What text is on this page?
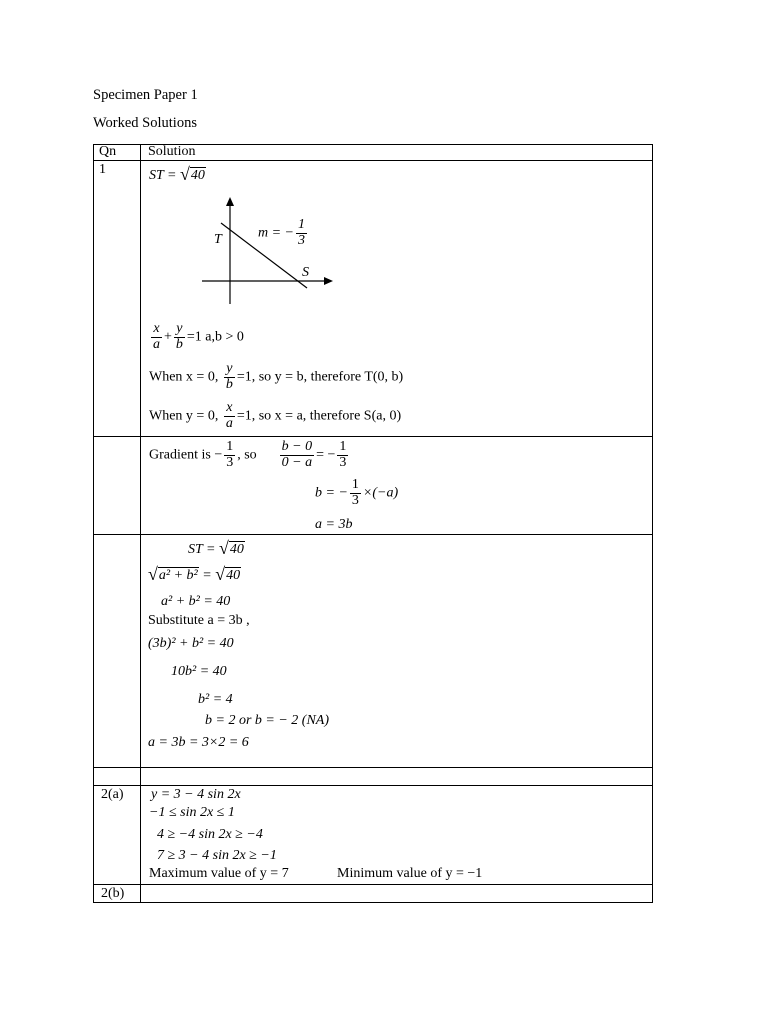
Specimen Paper 1
Worked Solutions
Qn Solution
1	ST = √40
T
S
m = − $\frac{1}{3}$
$\frac{x}{a} + \frac{y}{b} =1$ a,b > 0
When x = 0, $\frac{y}{b} =1$, so y = b, therefore T(0, b)
When y = 0, $\frac{x}{a} =1$, so x = a, therefore S(a, 0)
Gradient is − $\frac{1}{3}$ , so $\frac{b - 0}{0 - a}$ = − $\frac{1}{3}$
b = − $\frac{1}{3} \times(-a)$
a = 3b
ST = √40
√a² + b² = √40
a² + b² = 40
Substitute a = 3b ,
(3b)² + b² = 40
10b² = 40
b² = 4
b = 2 or b = − 2 (NA)
a = 3b = 3×2 = 6
2(a) y = 3 − 4 sin 2x
−1 ≤ sin 2x ≤ 1
4 ≥ −4 sin 2x ≥ −4
7 ≥ 3 − 4 sin 2x ≥ −1
Maximum value of y = 7	Minimum value of y = −1
2(b)
